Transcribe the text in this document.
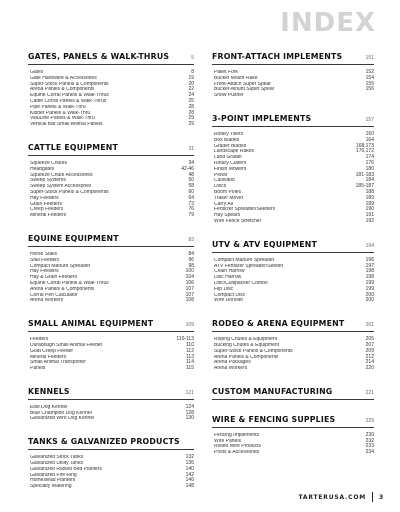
INDEX
GATES, PANELS & WALK-THRUS	5
Gates	8
Gate Hardware & Accessories	19
Super-Stock Panels & Components	20
Arena Panels & Components	22
Equine Corral Panels & Walk-Thrus	24
Cattle Corral Panels & Walk-Thrus	25
Pipe Panels & Walk-Thru	28
Kidder Panels & Walk-Thru	28
ValuLine Panels & Walk-Thru	29
Vertical Bar Small Animal Panels	29
CATTLE EQUIPMENT	31
Squeeze Chutes	34
Headgates	42-46
Squeeze Chute Accessories	48
Sweep Systems	50
Sweep System Accessories	58
Super-Stock Panels & Components	60
Hay Feeders	64
Grain Feeders	73
Creep Feeders	76
Mineral Feeders	79
EQUINE EQUIPMENT	83
Horse Stalls	84
Stall Feeders	96
Compact Manure Spreader	98
Hay Feeders	100
Hay & Grain Feeders	104
Equine Corral Panels & Walk-Thrus	106
Arena Panels & Components	107
Corral Pen Calculator	107
Arena Workers	108
SMALL ANIMAL EQUIPMENT	109
Feeders	110-113
Durabough Small Animal Feeder	110
Goat Creep Feeder	112
Mineral Feeders	113
Small Animal Transporter	114
Panels	115
KENNELS	121
Elite Dog Kennel	124
Blue Champion Dog Kennel	128
Galvanized Wire Dog Kennel	130
TANKS & GALVANIZED PRODUCTS
Galvanized Stock Tanks	132
Galvanized Utility Tanks	136
Galvanized Raised Bed Planters	140
Galvanized Fire Ring	142
Homestead Planters	146
Specialty Watering	148
FRONT-ATTACH IMPLEMENTS	151
Pallet Fork	152
Bucket Mount Rake	154
Front-Attach Super Spear	155
Bucket-Mount Super Spear	156
Snow Pusher
3-POINT IMPLEMENTS	157
Rotary Tillers	160
Box Blades	164
Grader Blades	168,173
Landscape Rakes	170,172
Land Grader	174
Rotary Cutters	176
Finish Mowers	180
Plows	181-183
Cultivator	184
Discs	185-187
Boom Poles	188
Trailer Mover	189
Carry All	189
Fertilizer Spreader/Seeders	190
Hay Spears	191
Wire Fence Stretcher	192
UTV & ATV EQUIPMENT	194
Compact Manure Spreader	196
ATV Fertilizer Spreader/Seeder	197
Chain Harrow	198
Disc Harrow	198
Disc/Cultipacker Combo	199
Flip Disc	199
Compact Disc	200
Wire Unroller	200
RODEO & ARENA EQUIPMENT	201
Roping Chutes & Equipment	205
Bucking Chutes & Equipment	207
Super-Stock Panels & Components	209
Arena Panels & Components	212
Arena Packages	214
Arena Workers	220
CUSTOM MANUFACTURING	221
WIRE & FENCING SUPPLIES	229
Fencing Implements	230
Wire Panels	232
Rolled Wire Products	233
Posts & Accessories	234
TARTERUSA.COM 3
